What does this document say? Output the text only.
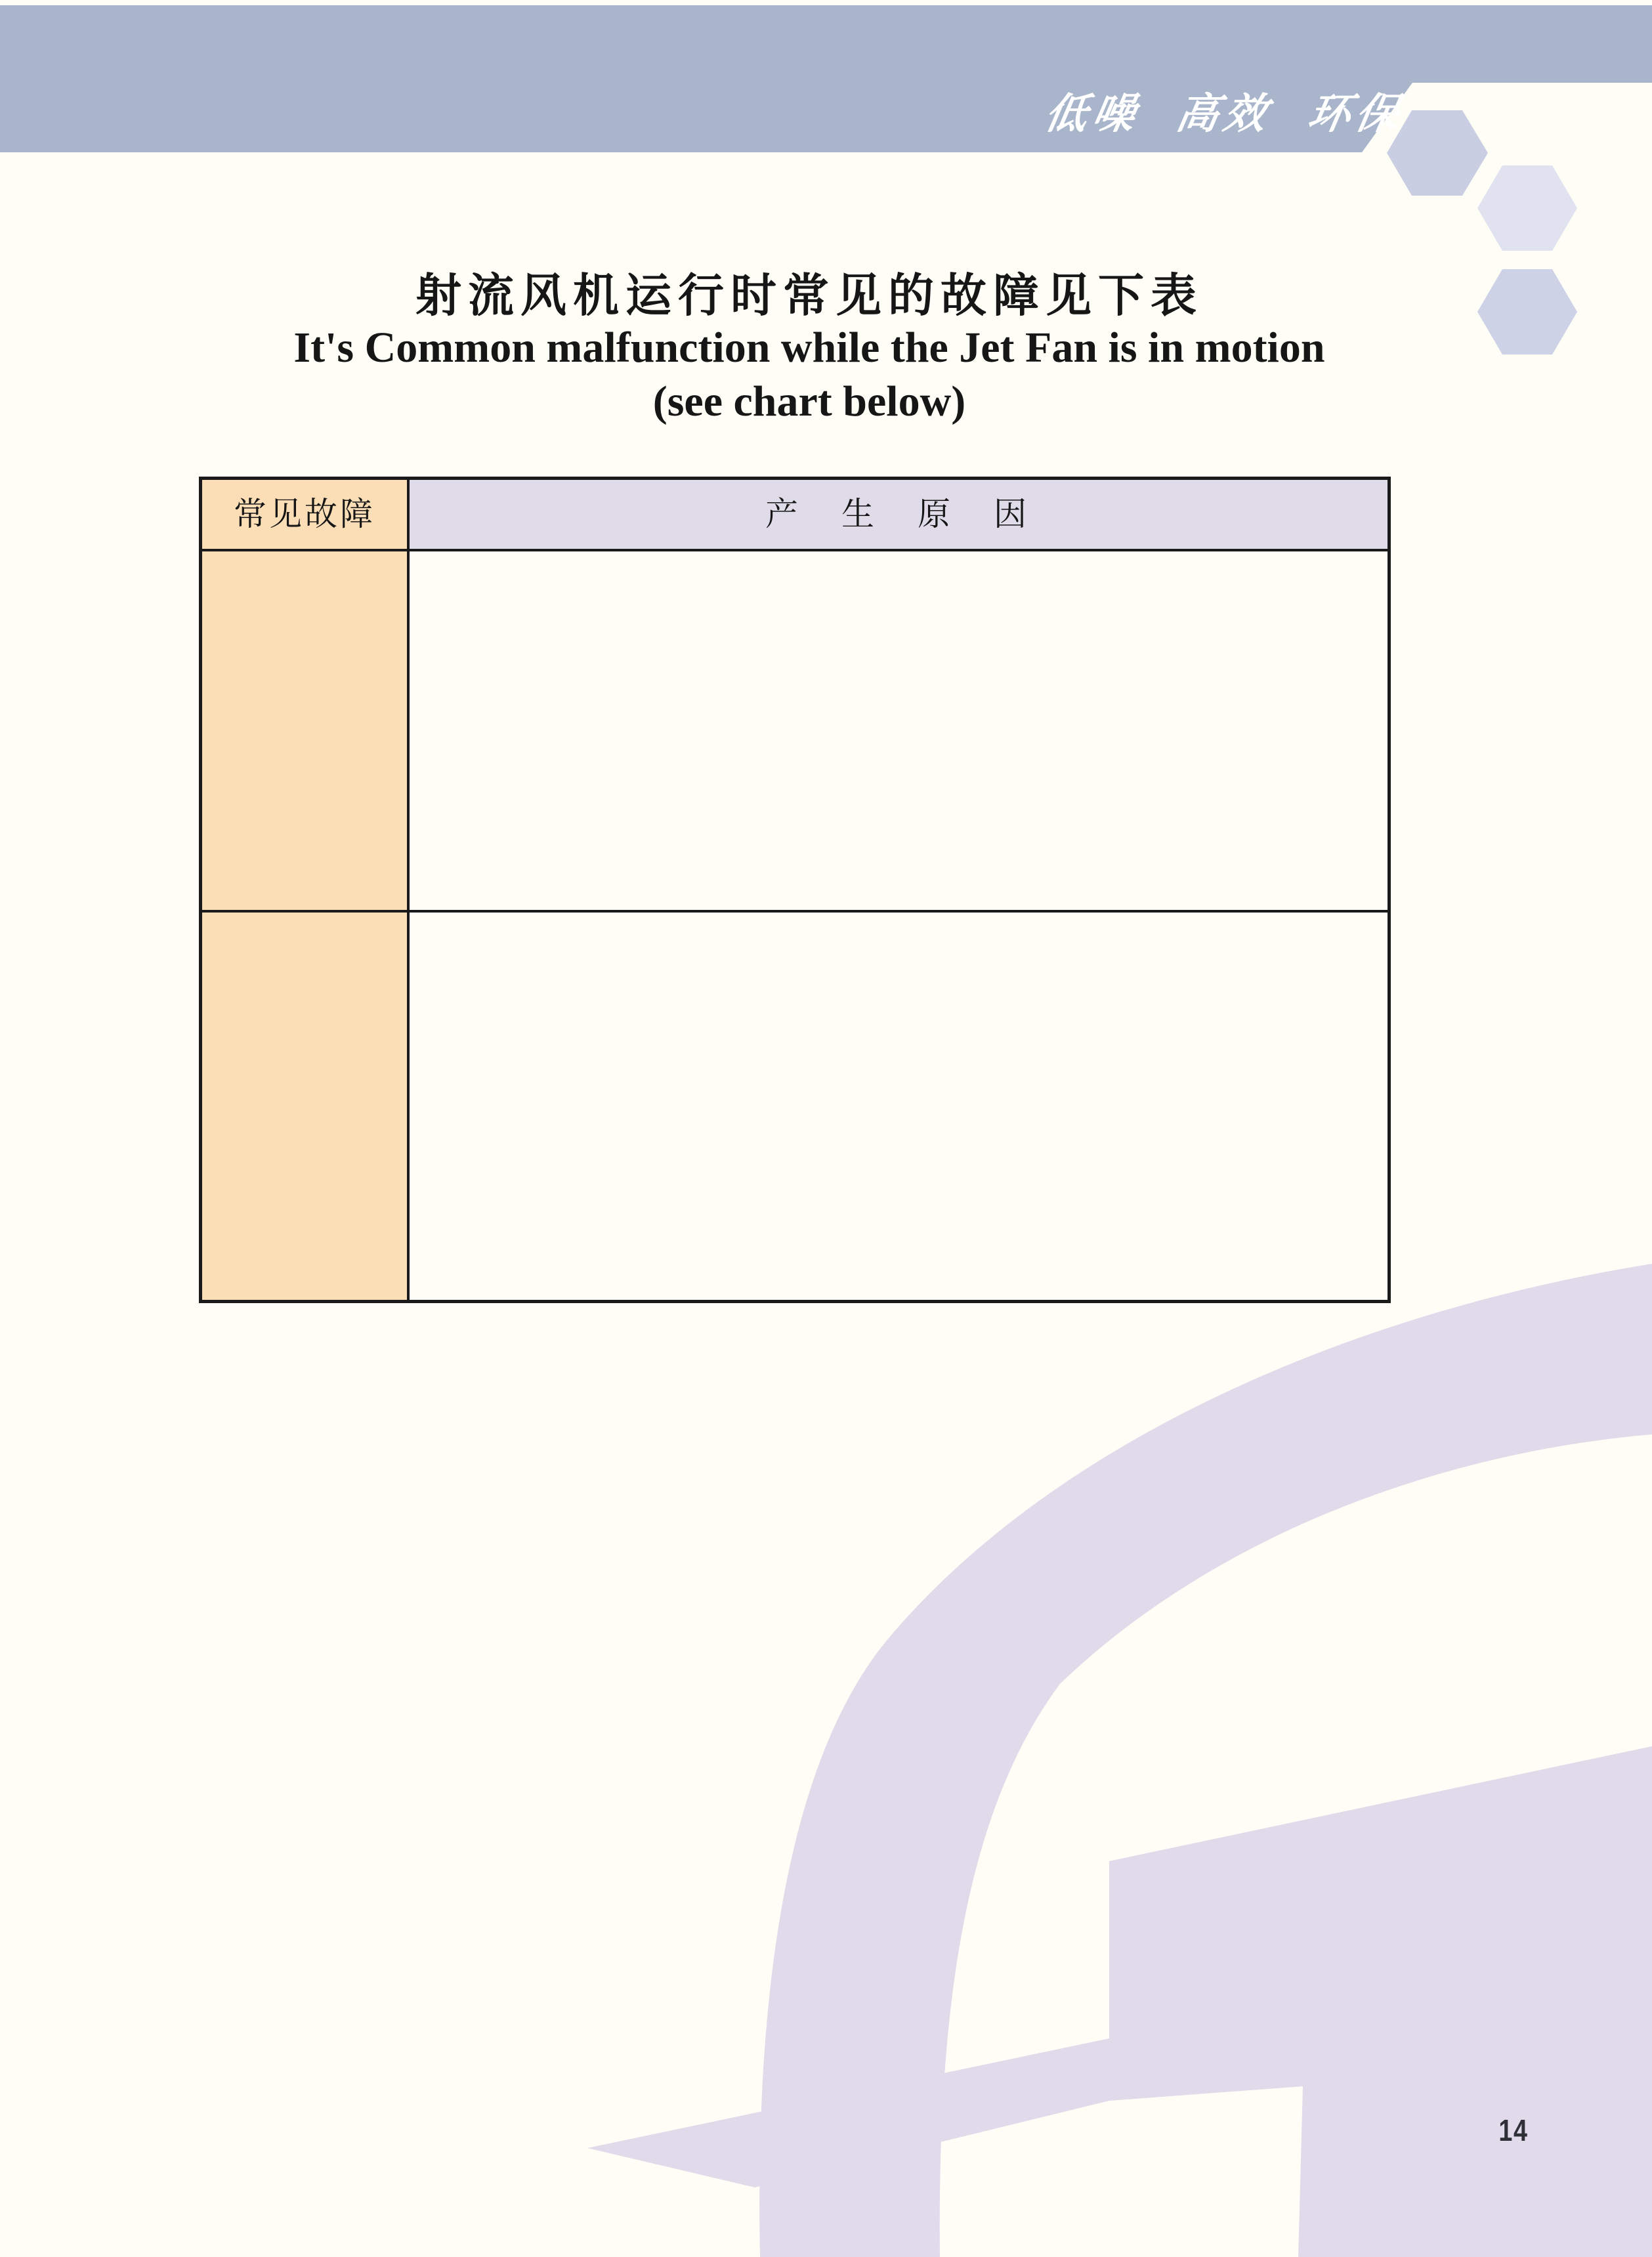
低噪 高效 环保
射流风机运行时常见的故障见下表
It's Common malfunction while the Jet Fan is in motion
(see chart below)
常见故障	产　生　原　因
14
